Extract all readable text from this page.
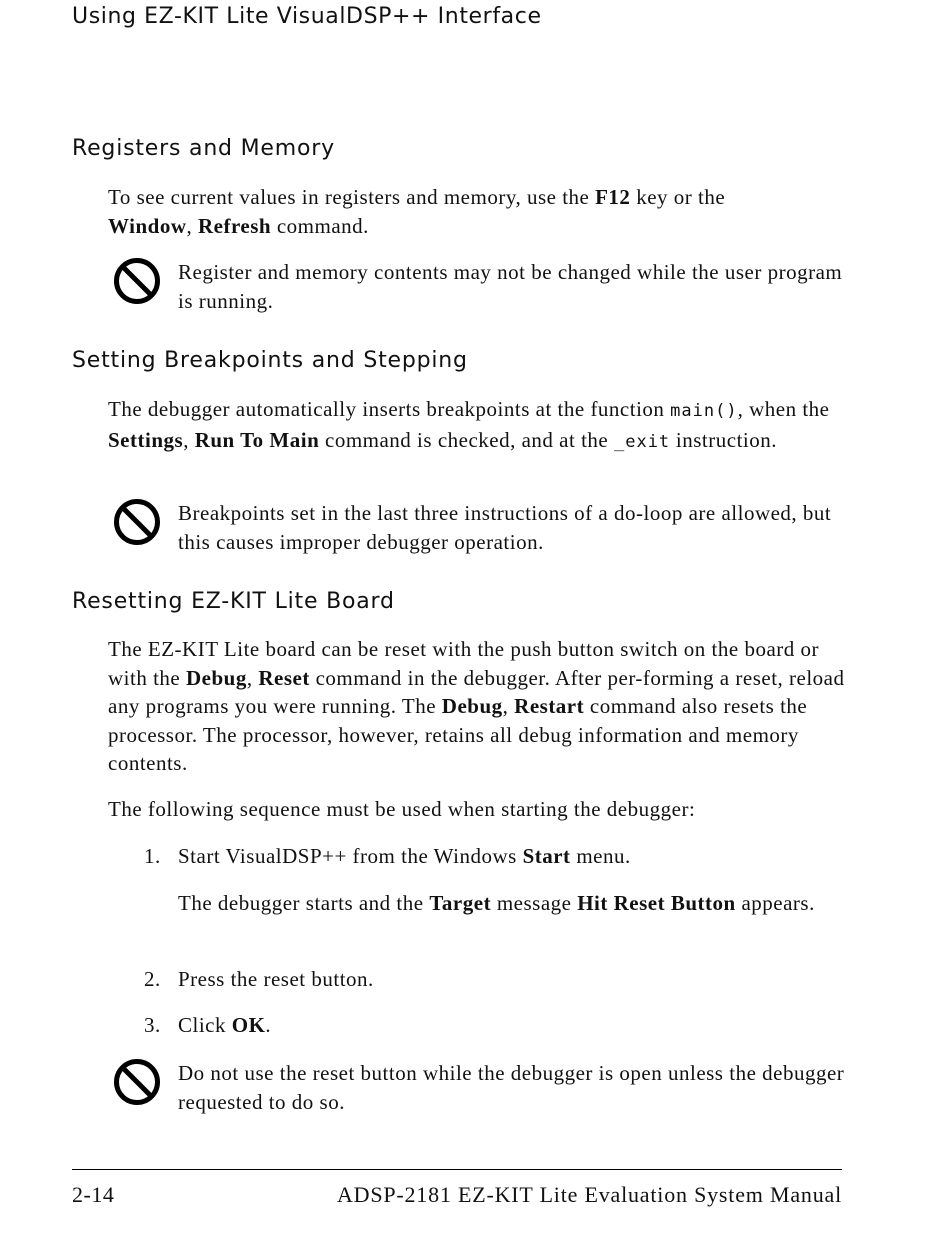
Using EZ-KIT Lite VisualDSP++ Interface
Registers and Memory
To see current values in registers and memory, use the F12 key or the
Window, Refresh command.
Register and memory contents may not be changed while the user program is running.
Setting Breakpoints and Stepping
The debugger automatically inserts breakpoints at the function main(), when the Settings, Run To Main command is checked, and at the _exit instruction.
Breakpoints set in the last three instructions of a do-loop are allowed, but this causes improper debugger operation.
Resetting EZ-KIT Lite Board
The EZ-KIT Lite board can be reset with the push button switch on the board or with the Debug, Reset command in the debugger. After per-forming a reset, reload any programs you were running. The Debug, Restart command also resets the processor. The processor, however, retains all debug information and memory contents.
The following sequence must be used when starting the debugger:
1. Start VisualDSP++ from the Windows Start menu.
The debugger starts and the Target message Hit Reset Button appears.
2. Press the reset button.
3. Click OK.
Do not use the reset button while the debugger is open unless the debugger requested to do so.
2-14	ADSP-2181 EZ-KIT Lite Evaluation System Manual
